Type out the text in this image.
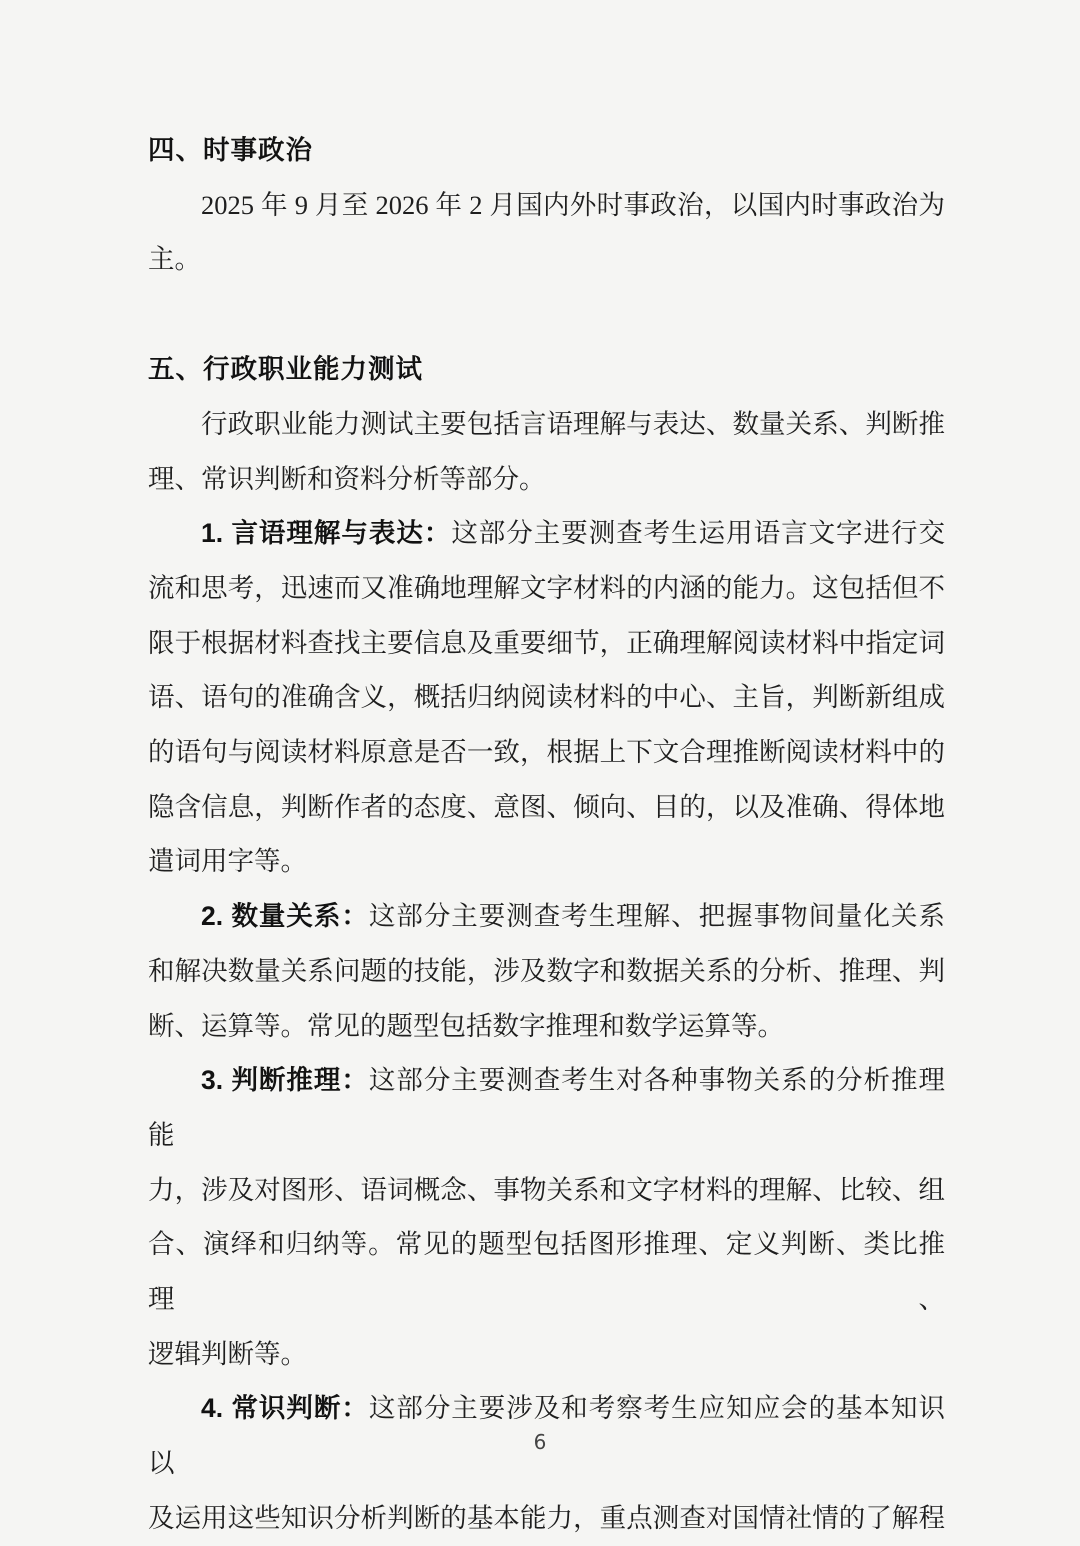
四、时事政治
2025 年 9 月至 2026 年 2 月国内外时事政治，以国内时事政治为
主。
五、行政职业能力测试
行政职业能力测试主要包括言语理解与表达、数量关系、判断推
理、常识判断和资料分析等部分。
1. 言语理解与表达：这部分主要测查考生运用语言文字进行交
流和思考，迅速而又准确地理解文字材料的内涵的能力。这包括但不
限于根据材料查找主要信息及重要细节，正确理解阅读材料中指定词
语、语句的准确含义，概括归纳阅读材料的中心、主旨，判断新组成
的语句与阅读材料原意是否一致，根据上下文合理推断阅读材料中的
隐含信息，判断作者的态度、意图、倾向、目的，以及准确、得体地
遣词用字等。
2. 数量关系：这部分主要测查考生理解、把握事物间量化关系
和解决数量关系问题的技能，涉及数字和数据关系的分析、推理、判
断、运算等。常见的题型包括数字推理和数学运算等。
3. 判断推理：这部分主要测查考生对各种事物关系的分析推理能
力，涉及对图形、语词概念、事物关系和文字材料的理解、比较、组
合、演绎和归纳等。常见的题型包括图形推理、定义判断、类比推理、
逻辑判断等。
4. 常识判断：这部分主要涉及和考察考生应知应会的基本知识以
及运用这些知识分析判断的基本能力，重点测查对国情社情的了解程
6
